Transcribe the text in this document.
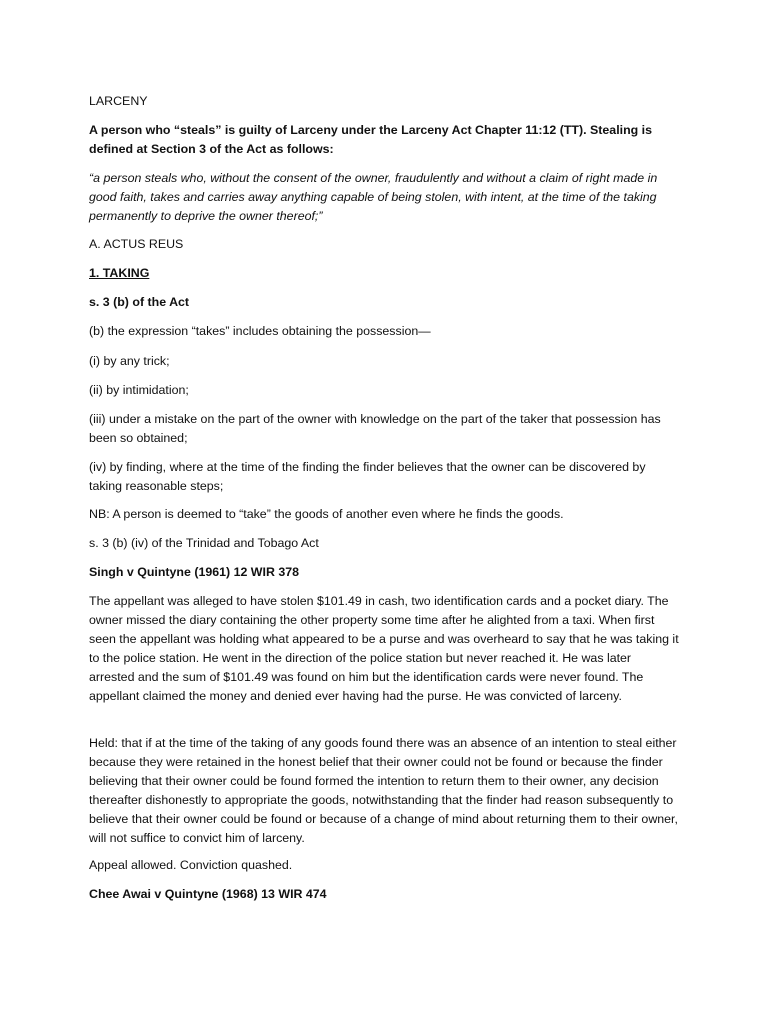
LARCENY

A person who “steals” is guilty of Larceny under the Larceny Act Chapter 11:12 (TT). Stealing is defined at Section 3 of the Act as follows:

“a person steals who, without the consent of the owner, fraudulently and without a claim of right made in good faith, takes and carries away anything capable of being stolen, with intent, at the time of the taking permanently to deprive the owner thereof;”

A. ACTUS REUS

1. TAKING

s. 3 (b) of the Act

(b) the expression “takes” includes obtaining the possession—

(i) by any trick;

(ii) by intimidation;

(iii) under a mistake on the part of the owner with knowledge on the part of the taker that possession has been so obtained;

(iv) by finding, where at the time of the finding the finder believes that the owner can be discovered by taking reasonable steps;

NB: A person is deemed to “take” the goods of another even where he finds the goods.

s. 3 (b) (iv) of the Trinidad and Tobago Act

Singh v Quintyne (1961) 12 WIR 378

The appellant was alleged to have stolen $101.49 in cash, two identification cards and a pocket diary. The owner missed the diary containing the other property some time after he alighted from a taxi. When first seen the appellant was holding what appeared to be a purse and was overheard to say that he was taking it to the police station. He went in the direction of the police station but never reached it. He was later arrested and the sum of $101.49 was found on him but the identification cards were never found. The appellant claimed the money and denied ever having had the purse. He was convicted of larceny.

Held: that if at the time of the taking of any goods found there was an absence of an intention to steal either because they were retained in the honest belief that their owner could not be found or because the finder believing that their owner could be found formed the intention to return them to their owner, any decision thereafter dishonestly to appropriate the goods, notwithstanding that the finder had reason subsequently to believe that their owner could be found or because of a change of mind about returning them to their owner, will not suffice to convict him of larceny.

Appeal allowed. Conviction quashed.

Chee Awai v Quintyne (1968) 13 WIR 474
